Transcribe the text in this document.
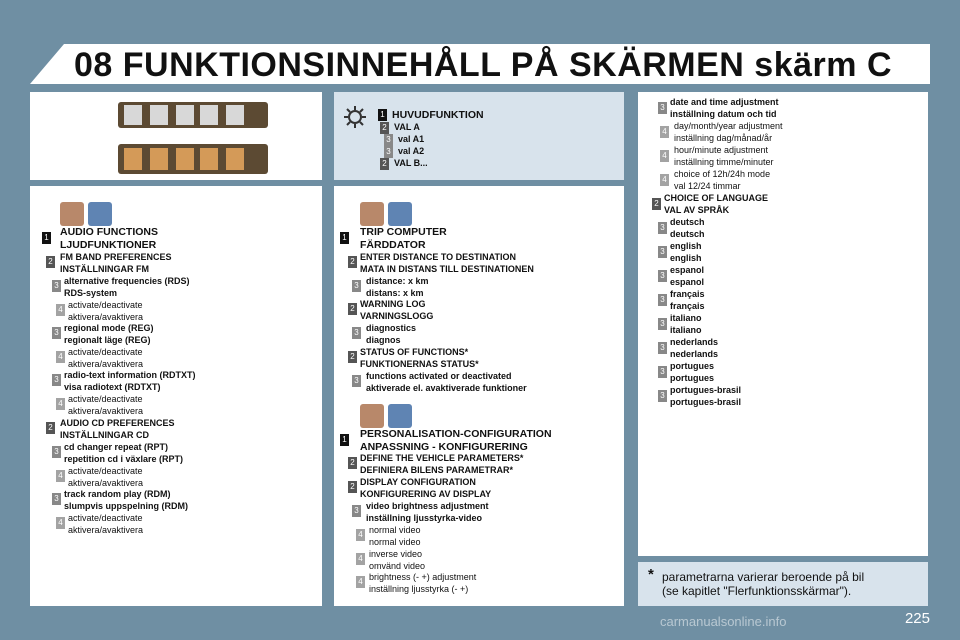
08 FUNKTIONSINNEHÅLL PÅ SKÄRMEN skärm C
1 HUVUDFUNKTION
2 VAL A
3 val A1
3 val A2
2 VAL B...
1 AUDIO FUNCTIONS
LJUDFUNKTIONER
2 FM BAND PREFERENCES
INSTÄLLNINGAR FM
3 alternative frequencies (RDS)
RDS-system
4 activate/deactivate
aktivera/avaktivera
3 regional mode (REG)
regionalt läge (REG)
4 activate/deactivate
aktivera/avaktivera
3 radio-text information (RDTXT)
visa radiotext (RDTXT)
4 activate/deactivate
aktivera/avaktivera
2 AUDIO CD PREFERENCES
INSTÄLLNINGAR CD
3 cd changer repeat (RPT)
repetition cd i växlare (RPT)
4 activate/deactivate
aktivera/avaktivera
3 track random play (RDM)
slumpvis uppspelning (RDM)
4 activate/deactivate
aktivera/avaktivera
1 TRIP COMPUTER
FÄRDDATOR
2 ENTER DISTANCE TO DESTINATION
MATA IN DISTANS TILL DESTINATIONEN
3 distance: x km
distans: x km
2 WARNING LOG
VARNINGSLOGG
3 diagnostics
diagnos
2 STATUS OF FUNCTIONS*
FUNKTIONERNAS STATUS*
3 functions activated or deactivated
aktiverade el. avaktiverade funktioner
1 PERSONALISATION-CONFIGURATION
ANPASSNING - KONFIGURERING
2 DEFINE THE VEHICLE PARAMETERS*
DEFINIERA BILENS PARAMETRAR*
2 DISPLAY CONFIGURATION
KONFIGURERING AV DISPLAY
3 video brightness adjustment
inställning ljusstyrka-video
4 normal video
normal video
4 inverse video
omvänd video
4 brightness (- +) adjustment
inställning ljusstyrka (- +)
3
date and time adjustment
inställning datum och tid
4
day/month/year adjustment
inställning dag/månad/år
4
hour/minute adjustment
inställning timme/minuter
4
choice of 12h/24h mode
val 12/24 timmar
2
CHOICE OF LANGUAGE
VAL AV SPRÅK
3
deutsch
deutsch
3
english
english
3
espanol
espanol
3
français
français
3
italiano
italiano
3
nederlands
nederlands
3
portugues
portugues
3
portugues-brasil
portugues-brasil
* parametrarna varierar beroende på bil
(se kapitlet "Flerfunktionsskärmar").
carmanualsonline.info	225
